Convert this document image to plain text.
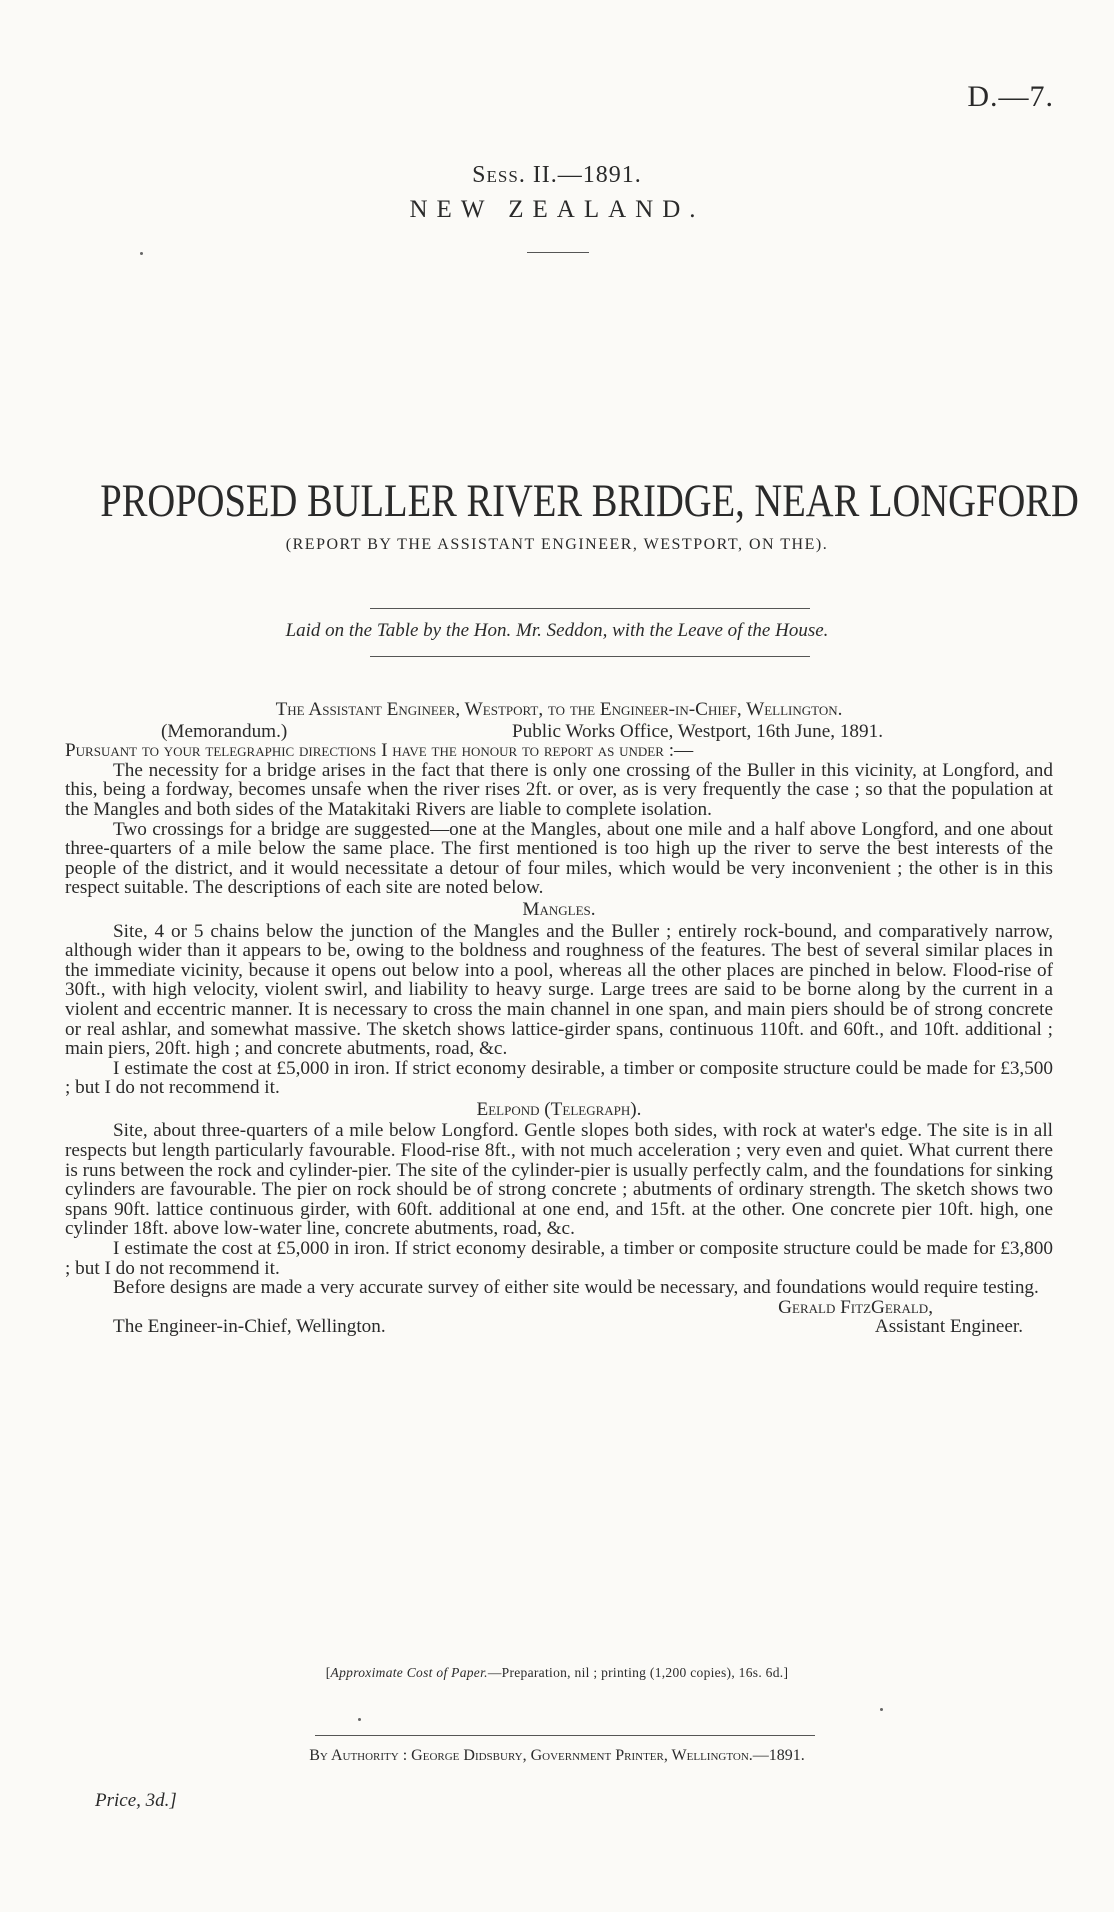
D.—7.
Sess. II.—1891.
NEW ZEALAND.
PROPOSED BULLER RIVER BRIDGE, NEAR LONGFORD
(REPORT BY THE ASSISTANT ENGINEER, WESTPORT, ON THE).
Laid on the Table by the Hon. Mr. Seddon, with the Leave of the House.

The Assistant Engineer, Westport, to the Engineer-in-Chief, Wellington.

(Memorandum.)	Public Works Office, Westport, 16th June, 1891.

Pursuant to your telegraphic directions I have the honour to report as under :—

The necessity for a bridge arises in the fact that there is only one crossing of the Buller in this vicinity, at Longford, and this, being a fordway, becomes unsafe when the river rises 2ft. or over, as is very frequently the case ; so that the population at the Mangles and both sides of the Matakitaki Rivers are liable to complete isolation.

Two crossings for a bridge are suggested—one at the Mangles, about one mile and a half above Longford, and one about three-quarters of a mile below the same place. The first mentioned is too high up the river to serve the best interests of the people of the district, and it would necessitate a detour of four miles, which would be very inconvenient ; the other is in this respect suitable. The descriptions of each site are noted below.

Mangles.

Site, 4 or 5 chains below the junction of the Mangles and the Buller ; entirely rock-bound, and comparatively narrow, although wider than it appears to be, owing to the boldness and roughness of the features. The best of several similar places in the immediate vicinity, because it opens out below into a pool, whereas all the other places are pinched in below. Flood-rise of 30ft., with high velocity, violent swirl, and liability to heavy surge. Large trees are said to be borne along by the current in a violent and eccentric manner. It is necessary to cross the main channel in one span, and main piers should be of strong concrete or real ashlar, and somewhat massive. The sketch shows lattice-girder spans, continuous 110ft. and 60ft., and 10ft. additional ; main piers, 20ft. high ; and concrete abutments, road, &c.

I estimate the cost at £5,000 in iron. If strict economy desirable, a timber or composite structure could be made for £3,500 ; but I do not recommend it.

Eelpond (Telegraph).

Site, about three-quarters of a mile below Longford. Gentle slopes both sides, with rock at water's edge. The site is in all respects but length particularly favourable. Flood-rise 8ft., with not much acceleration ; very even and quiet. What current there is runs between the rock and cylinder-pier. The site of the cylinder-pier is usually perfectly calm, and the foundations for sinking cylinders are favourable. The pier on rock should be of strong concrete ; abutments of ordinary strength. The sketch shows two spans 90ft. lattice continuous girder, with 60ft. additional at one end, and 15ft. at the other. One concrete pier 10ft. high, one cylinder 18ft. above low-water line, concrete abutments, road, &c.

I estimate the cost at £5,000 in iron. If strict economy desirable, a timber or composite structure could be made for £3,800 ; but I do not recommend it.

Before designs are made a very accurate survey of either site would be necessary, and foundations would require testing.
Gerald FitzGerald,

The Engineer-in-Chief, Wellington.	Assistant Engineer.

[Approximate Cost of Paper.—Preparation, nil ; printing (1,200 copies), 16s. 6d.]
By Authority : George Didsbury, Government Printer, Wellington.—1891.
Price, 3d.]
